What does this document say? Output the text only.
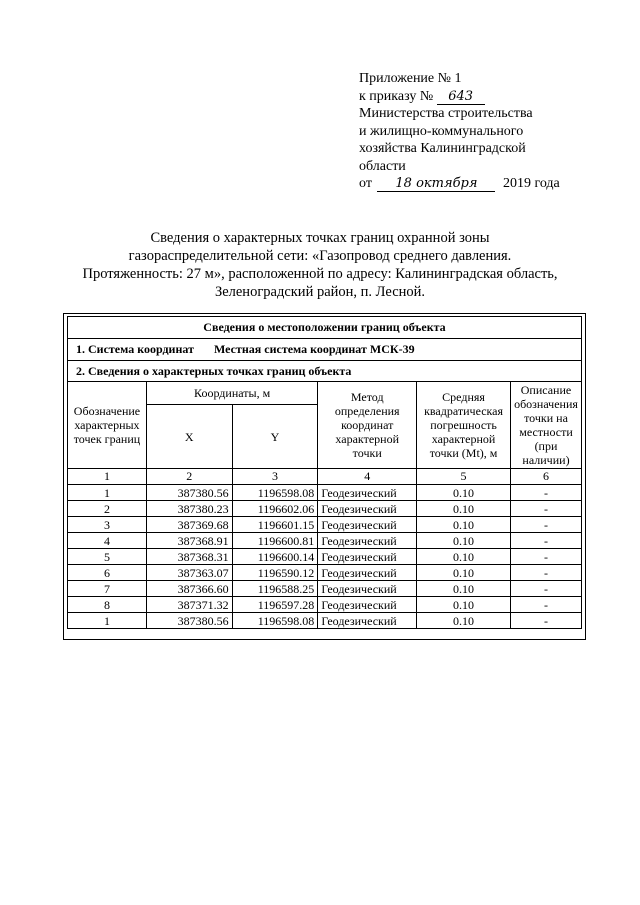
Приложение № 1
к приказу № 643
Министерства строительства
и жилищно-коммунального
хозяйства Калининградской
области
от 18 октября 2019 года
Сведения о характерных точках границ охранной зоны
газораспределительной сети: «Газопровод среднего давления.
Протяженность: 27 м», расположенной по адресу: Калининградская область,
Зеленоградский район, п. Лесной.
Сведения о местоположении границ объекта					
1. Система координат Местная система координат МСК-39					
2. Сведения о характерных точках границ объекта					
Обозначение характерных точек границ	Координаты, м		Метод определения координат характерной точки	Средняя квадратическая погрешность характерной точки (Mt), м	Описание обозначения точки на местности (при наличии)
	X	Y			
1	2	3	4	5	6
1	387380.56	1196598.08	Геодезический	0.10	-
2	387380.23	1196602.06	Геодезический	0.10	-
3	387369.68	1196601.15	Геодезический	0.10	-
4	387368.91	1196600.81	Геодезический	0.10	-
5	387368.31	1196600.14	Геодезический	0.10	-
6	387363.07	1196590.12	Геодезический	0.10	-
7	387366.60	1196588.25	Геодезический	0.10	-
8	387371.32	1196597.28	Геодезический	0.10	-
1	387380.56	1196598.08	Геодезический	0.10	-
